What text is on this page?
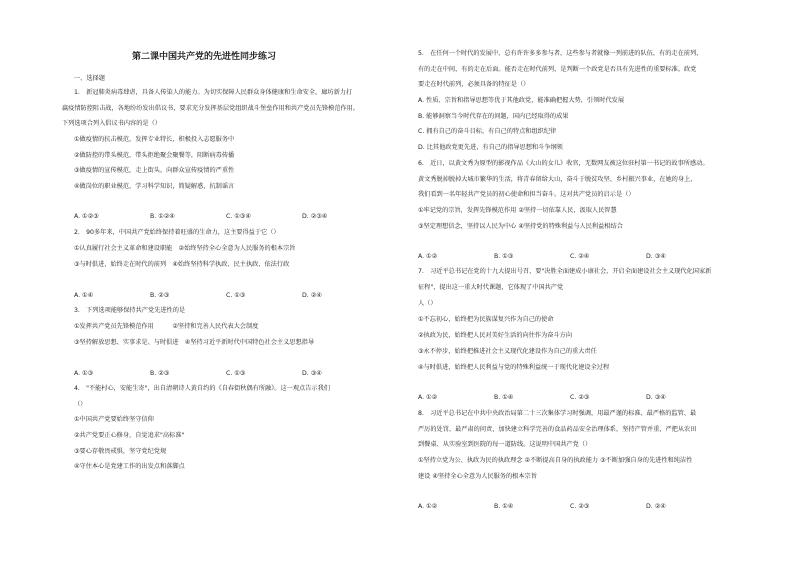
第二课中国共产党的先进性同步练习
一、选择题
1.　新冠肺炎病毒肆虐，具备人传染人的能力。为切实保障人民群众身体健康和生命安全，廊坊新力打
赢疫情防控阻击战，各地纷纷发出倡议书，要求充分发挥基层党组织战斗堡垒作用和共产党员先锋模范作用。
下列选项合列入倡议书内容的是（）
①做疫情的抗击模范，发挥专业特长，积极投入志愿服务中
②做防控的带头模范，带头拒绝聚会聚餐等，阻断病毒传播
③做疫情的宣传模范，走上街头，向群众宣传疫情的严重性
④做岗位的职业模范，学习科学知识，简疑解惑，抗制谣言
A. ①②③	B. ①②④	C. ①③④	D. ②③④
2.　90多年来，中国共产党始终保持着旺盛的生命力，这主要得益于它（）
①认真履行社会主义革命和建设职能　②始终坚持全心全意为人民服务的根本宗旨
③与时俱进，始终走在时代的前列　④始终坚持科学执政、民主执政、依法行政
A. ①④	B. ②③	C. ①③	D. ②④
3.　下列选项能够保持共产党先进性的是
①发挥共产党员先锋模范作用　　　②坚持和完善人民代表大会制度
③坚持解放思想、实事求是、与时俱进　④坚持习近平新时代中国特色社会主义思想指导
A. ①③	B. ②③	C. ①③	D. ③④
4.　"不能村心，安能生寄"，出自清朝诗人黄自约的《自春街秋偶有所融》。这一观点告示我们
（）
①中国共产党要始终坚守信仰
②共产党要正心修身，自觉追求"高标准"
③要心存敬畏戒惧，坚守党纪党规
④守住本心是党建工作的出发点和落脚点
5.　在任何一个时代的发展中，总有许许多多参与者，这些参与者就像一列前进的队伍，有的走在前列，
有的走在中间，有的走在后面。能否走在时代前列，是判断一个政党是否具有先进性的重要标准。政党
要走在时代前列，必须具备的特征是（）
A. 性质、宗旨和指导思想等优于其他政党，能准确把握大势，引领时代发展
B. 能够洞察当今时代存在的问题，国内已经取得的成果
C. 拥有自己的奋斗目标，有自己的特点和组织纪律
D. 比其他政党更先进，有自己的指导思想和斗争纲领
6.　近日，以黄文秀为原型的影视作品《大山的女儿》收官，无数网友被这位驻村第一书记的故事所感动。
黄文秀脱掉脱掉大城市繁华的生活，将青春留给大山，奋斗于脱贫攻坚、乡村振兴事业，在她的身上，
我们看到一名年轻共产党员的初心使命和担当奋斗。这对共产党员的启示是（）
①牢记党的宗旨，发挥先锋模范作用 ②坚持一切依靠人民，汲取人民智慧
③坚定理想信念，坚持以人民为中心 ④坚持党的特殊利益与人民利益相结合
A. ①②	B. ①③	C. ②④	D. ③④
7.　习近平总书记在党的十九大提出号召，要"决胜全面建成小康社会，开启全面建设社会主义现代化国家新
征程"，提出这一重大时代课题，它体现了中国共产党
人（）
①不忘初心，始终把为民族谋复兴作为自己的使命
②执政为民，始终把人民对美好生活的向往作为奋斗方向
③永不停步，始终把推进社会主义现代化建设作为自己的重大责任
④与时俱进，始终把人民利益与党的特殊利益统一于现代化建设全过程
A. ①②	B. ①④	C. ②③	D. ③④
8.　习近平总书记在中共中央政治局第二十三次集体学习时强调，用最严谨的标准、最严格的监管、最
严厉的处罚、最严肃的问责，加快建立科学完善的食品药品安全治理体系，坚持产管并重，严把从农田
到餐桌、从实验室到医院的每一道防线。这说明中国共产党（）
①坚持立党为公、执政为民的执政理念 ②不断提高自身的执政能力 ③不断加强自身的先进性和纯洁性
建设 ④坚持全心全意为人民服务的根本宗旨
A. ①②	B. ①④	C. ②③	D. ②④
